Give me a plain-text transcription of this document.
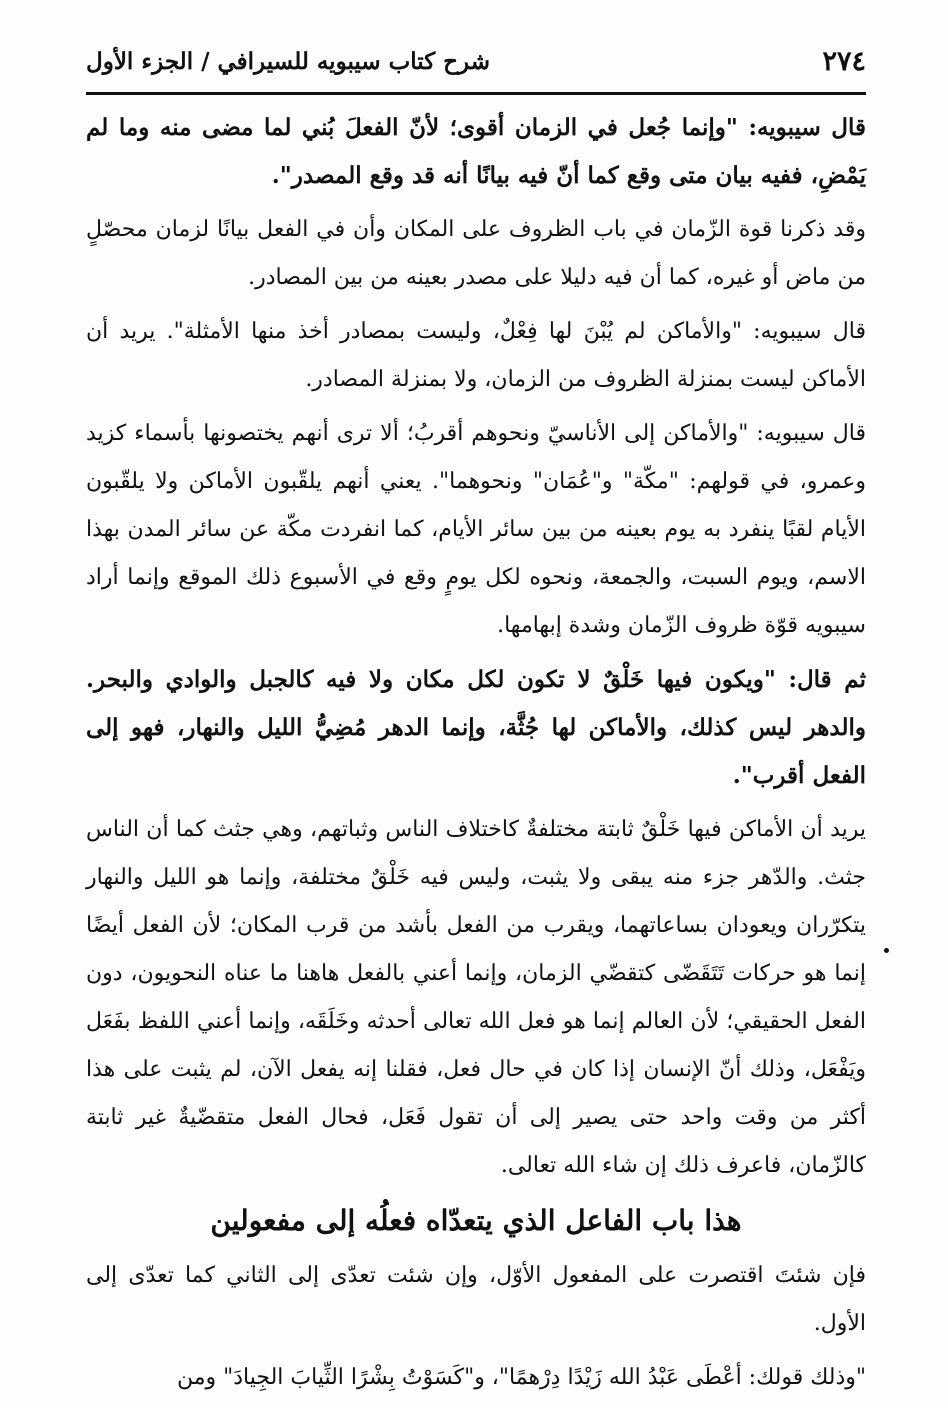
٢٧٤
شرح كتاب سيبويه للسيرافي / الجزء الأول

قال سيبويه: "وإنما جُعل في الزمان أقوى؛ لأنّ الفعلَ بُني لما مضى منه وما لم يَمْضِ، ففيه بيان متى وقع كما أنّ فيه بيانًا أنه قد وقع المصدر".

وقد ذكرنا قوة الزّمان في باب الظروف على المكان وأن في الفعل بيانًا لزمان محصّلٍ من ماض أو غيره، كما أن فيه دليلا على مصدر بعينه من بين المصادر.

قال سيبويه: "والأماكن لم يُبْنَ لها فِعْلٌ، وليست بمصادر أخذ منها الأمثلة". يريد أن الأماكن ليست بمنزلة الظروف من الزمان، ولا بمنزلة المصادر.

قال سيبويه: "والأماكن إلى الأناسيّ ونحوهم أقربُ؛ ألا ترى أنهم يختصونها بأسماء كزيد وعمرو، في قولهم: "مكّة" و"عُمَان" ونحوهما". يعني أنهم يلقّبون الأماكن ولا يلقّبون الأيام لقبًا ينفرد به يوم بعينه من بين سائر الأيام، كما انفردت مكّة عن سائر المدن بهذا الاسم، ويوم السبت، والجمعة، ونحوه لكل يومٍ وقع في الأسبوع ذلك الموقع وإنما أراد سيبويه قوّة ظروف الزّمان وشدة إبهامها.

ثم قال: "ويكون فيها خَلْقٌ لا تكون لكل مكان ولا فيه كالجبل والوادي والبحر. والدهر ليس كذلك، والأماكن لها جُثَّة، وإنما الدهر مُضِيُّ الليل والنهار، فهو إلى الفعل أقرب".

يريد أن الأماكن فيها خَلْقٌ ثابتة مختلفةٌ كاختلاف الناس وثباتهم، وهي جثث كما أن الناس جثث. والدّهر جزء منه يبقى ولا يثبت، وليس فيه خَلْقٌ مختلفة، وإنما هو الليل والنهار يتكرّران ويعودان بساعاتهما، ويقرب من الفعل بأشد من قرب المكان؛ لأن الفعل أيضًا إنما هو حركات تَتَقَضّى كتقضّي الزمان، وإنما أعني بالفعل هاهنا ما عناه النحويون، دون الفعل الحقيقي؛ لأن العالم إنما هو فعل الله تعالى أحدثه وخَلَقَه، وإنما أعني اللفظ بفَعَل ويَفْعَل، وذلك أنّ الإنسان إذا كان في حال فعل، فقلنا إنه يفعل الآن، لم يثبت على هذا أكثر من وقت واحد حتى يصير إلى أن تقول فَعَل، فحال الفعل متقضّيةٌ غير ثابتة كالزّمان، فاعرف ذلك إن شاء الله تعالى.

هذا باب الفاعل الذي يتعدّاه فعلُه إلى مفعولين

فإن شئتَ اقتصرت على المفعول الأوّل، وإن شئت تعدّى إلى الثاني كما تعدّى إلى الأول.

"وذلك قولك: أعْطَى عَبْدُ الله زَيْدًا دِرْهمًا"، و"كَسَوْتُ بِشْرًا الثِّيابَ الجِيادَ" ومن
